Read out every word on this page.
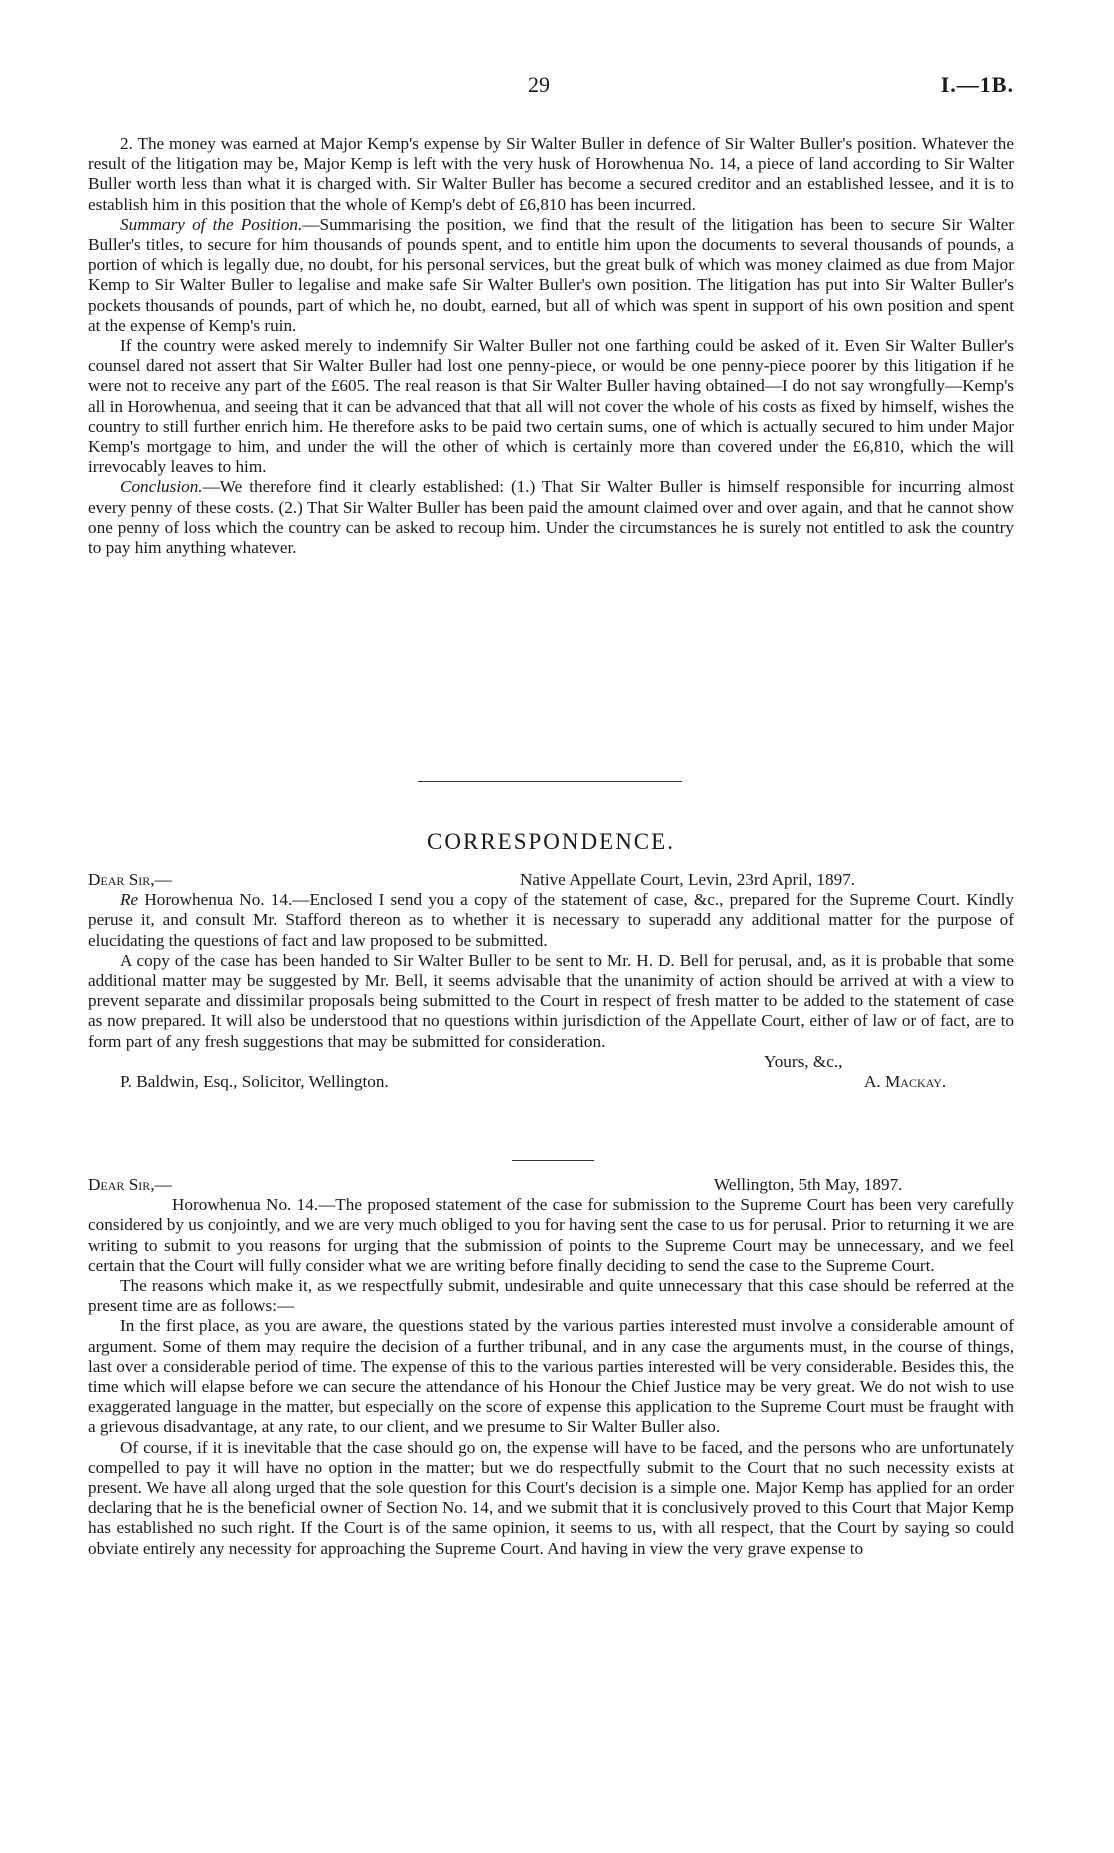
29	I.—1B.

2. The money was earned at Major Kemp's expense by Sir Walter Buller in defence of Sir Walter Buller's position. Whatever the result of the litigation may be, Major Kemp is left with the very husk of Horowhenua No. 14, a piece of land according to Sir Walter Buller worth less than what it is charged with. Sir Walter Buller has become a secured creditor and an established lessee, and it is to establish him in this position that the whole of Kemp's debt of £6,810 has been incurred.

Summary of the Position.—Summarising the position, we find that the result of the litigation has been to secure Sir Walter Buller's titles, to secure for him thousands of pounds spent, and to entitle him upon the documents to several thousands of pounds, a portion of which is legally due, no doubt, for his personal services, but the great bulk of which was money claimed as due from Major Kemp to Sir Walter Buller to legalise and make safe Sir Walter Buller's own position. The litigation has put into Sir Walter Buller's pockets thousands of pounds, part of which he, no doubt, earned, but all of which was spent in support of his own position and spent at the expense of Kemp's ruin.

If the country were asked merely to indemnify Sir Walter Buller not one farthing could be asked of it. Even Sir Walter Buller's counsel dared not assert that Sir Walter Buller had lost one penny-piece, or would be one penny-piece poorer by this litigation if he were not to receive any part of the £605. The real reason is that Sir Walter Buller having obtained—I do not say wrongfully—Kemp's all in Horowhenua, and seeing that it can be advanced that that all will not cover the whole of his costs as fixed by himself, wishes the country to still further enrich him. He therefore asks to be paid two certain sums, one of which is actually secured to him under Major Kemp's mortgage to him, and under the will the other of which is certainly more than covered under the £6,810, which the will irrevocably leaves to him.

Conclusion.—We therefore find it clearly established: (1.) That Sir Walter Buller is himself responsible for incurring almost every penny of these costs. (2.) That Sir Walter Buller has been paid the amount claimed over and over again, and that he cannot show one penny of loss which the country can be asked to recoup him. Under the circumstances he is surely not entitled to ask the country to pay him anything whatever.

CORRESPONDENCE.
Dear Sir,—	Native Appellate Court, Levin, 23rd April, 1897.

Re Horowhenua No. 14.—Enclosed I send you a copy of the statement of case, &c., prepared for the Supreme Court. Kindly peruse it, and consult Mr. Stafford thereon as to whether it is necessary to superadd any additional matter for the purpose of elucidating the questions of fact and law proposed to be submitted.

A copy of the case has been handed to Sir Walter Buller to be sent to Mr. H. D. Bell for perusal, and, as it is probable that some additional matter may be suggested by Mr. Bell, it seems advisable that the unanimity of action should be arrived at with a view to prevent separate and dissimilar proposals being submitted to the Court in respect of fresh matter to be added to the statement of case as now prepared. It will also be understood that no questions within jurisdiction of the Appellate Court, either of law or of fact, are to form part of any fresh suggestions that may be submitted for consideration.

Yours, &c.,
P. Baldwin, Esq., Solicitor, Wellington.	A. Mackay.
Dear Sir,—	Wellington, 5th May, 1897.

Horowhenua No. 14.—The proposed statement of the case for submission to the Supreme Court has been very carefully considered by us conjointly, and we are very much obliged to you for having sent the case to us for perusal. Prior to returning it we are writing to submit to you reasons for urging that the submission of points to the Supreme Court may be unnecessary, and we feel certain that the Court will fully consider what we are writing before finally deciding to send the case to the Supreme Court.

The reasons which make it, as we respectfully submit, undesirable and quite unnecessary that this case should be referred at the present time are as follows:—

In the first place, as you are aware, the questions stated by the various parties interested must involve a considerable amount of argument. Some of them may require the decision of a further tribunal, and in any case the arguments must, in the course of things, last over a considerable period of time. The expense of this to the various parties interested will be very considerable. Besides this, the time which will elapse before we can secure the attendance of his Honour the Chief Justice may be very great. We do not wish to use exaggerated language in the matter, but especially on the score of expense this application to the Supreme Court must be fraught with a grievous disadvantage, at any rate, to our client, and we presume to Sir Walter Buller also.

Of course, if it is inevitable that the case should go on, the expense will have to be faced, and the persons who are unfortunately compelled to pay it will have no option in the matter; but we do respectfully submit to the Court that no such necessity exists at present. We have all along urged that the sole question for this Court's decision is a simple one. Major Kemp has applied for an order declaring that he is the beneficial owner of Section No. 14, and we submit that it is conclusively proved to this Court that Major Kemp has established no such right. If the Court is of the same opinion, it seems to us, with all respect, that the Court by saying so could obviate entirely any necessity for approaching the Supreme Court. And having in view the very grave expense to
